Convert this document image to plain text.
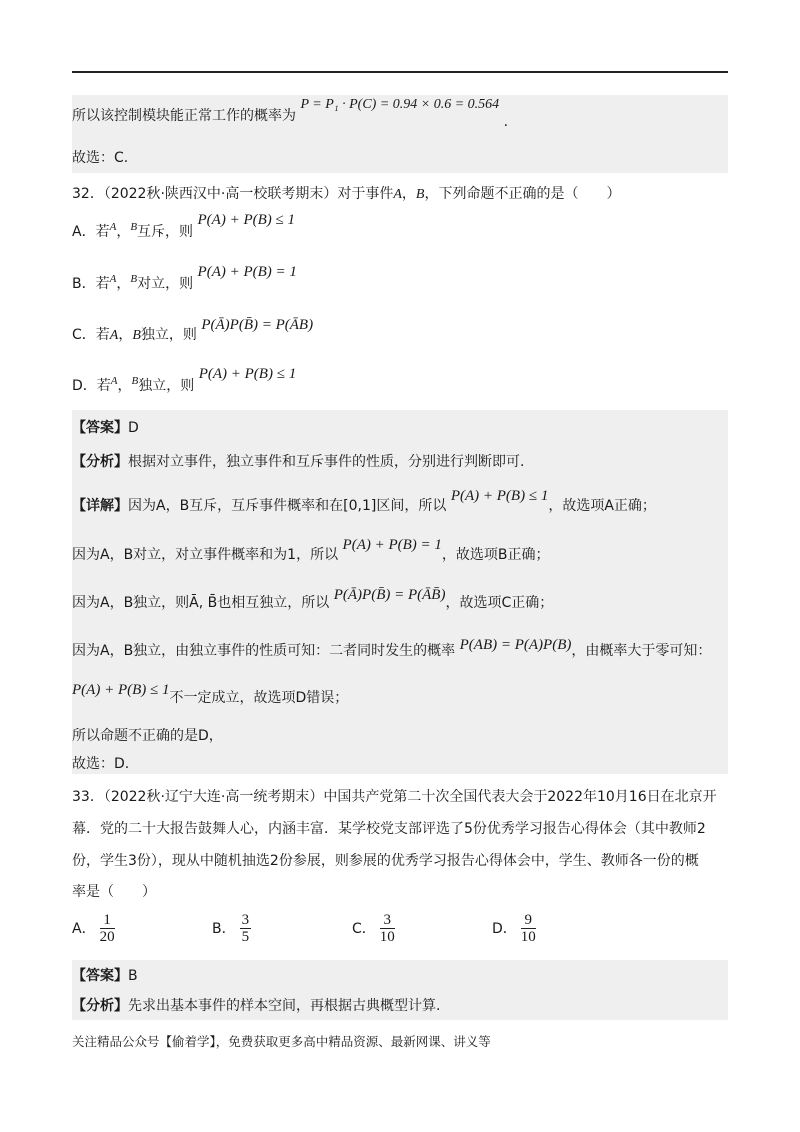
所以该控制模块能正常工作的概率为 P = P₁ · P(C) = 0.94 × 0.6 = 0.564 .
故选：C.
32．（2022秋·陕西汉中·高一校联考期末）对于事件A，B，下列命题不正确的是（　　）
A．若$^A$，$^B$互斥，则 P(A) + P(B) ≤ 1
B．若$^A$，$^B$对立，则 P(A) + P(B) = 1
C．若A，B独立，则 P(Ā)P(B̄) = P(ĀB)
D．若$^A$，$^B$独立，则 P(A) + P(B) ≤ 1
【答案】D
【分析】根据对立事件，独立事件和互斥事件的性质，分别进行判断即可.
【详解】因为A，B互斥，互斥事件概率和在[0,1]区间，所以 P(A) + P(B) ≤ 1，故选项A正确；
因为A，B对立，对立事件概率和为1，所以 P(A) + P(B) = 1，故选项B正确；
因为A，B独立，则Ā, B̄也相互独立，所以 P(Ā)P(B̄) = P(ĀB̄)，故选项C正确；
因为A，B独立，由独立事件的性质可知：二者同时发生的概率 P(AB) = P(A)P(B)，由概率大于零可知：
P(A) + P(B) ≤ 1不一定成立，故选项D错误；
所以命题不正确的是D，
故选：D.
33．（2022秋·辽宁大连·高一统考期末）中国共产党第二十次全国代表大会于2022年10月16日在北京开
幕．党的二十大报告鼓舞人心，内涵丰富．某学校党支部评选了5份优秀学习报告心得体会（其中教师2
份，学生3份），现从中随机抽选2份参展，则参展的优秀学习报告心得体会中，学生、教师各一份的概
率是（　　）
A． $\frac{1}{20}$	B． $\frac{3}{5}$	C． $\frac{3}{10}$	D． $\frac{9}{10}$
【答案】B
【分析】先求出基本事件的样本空间，再根据古典概型计算.
关注精品公众号【偷着学】，免费获取更多高中精品资源、最新网课、讲义等
